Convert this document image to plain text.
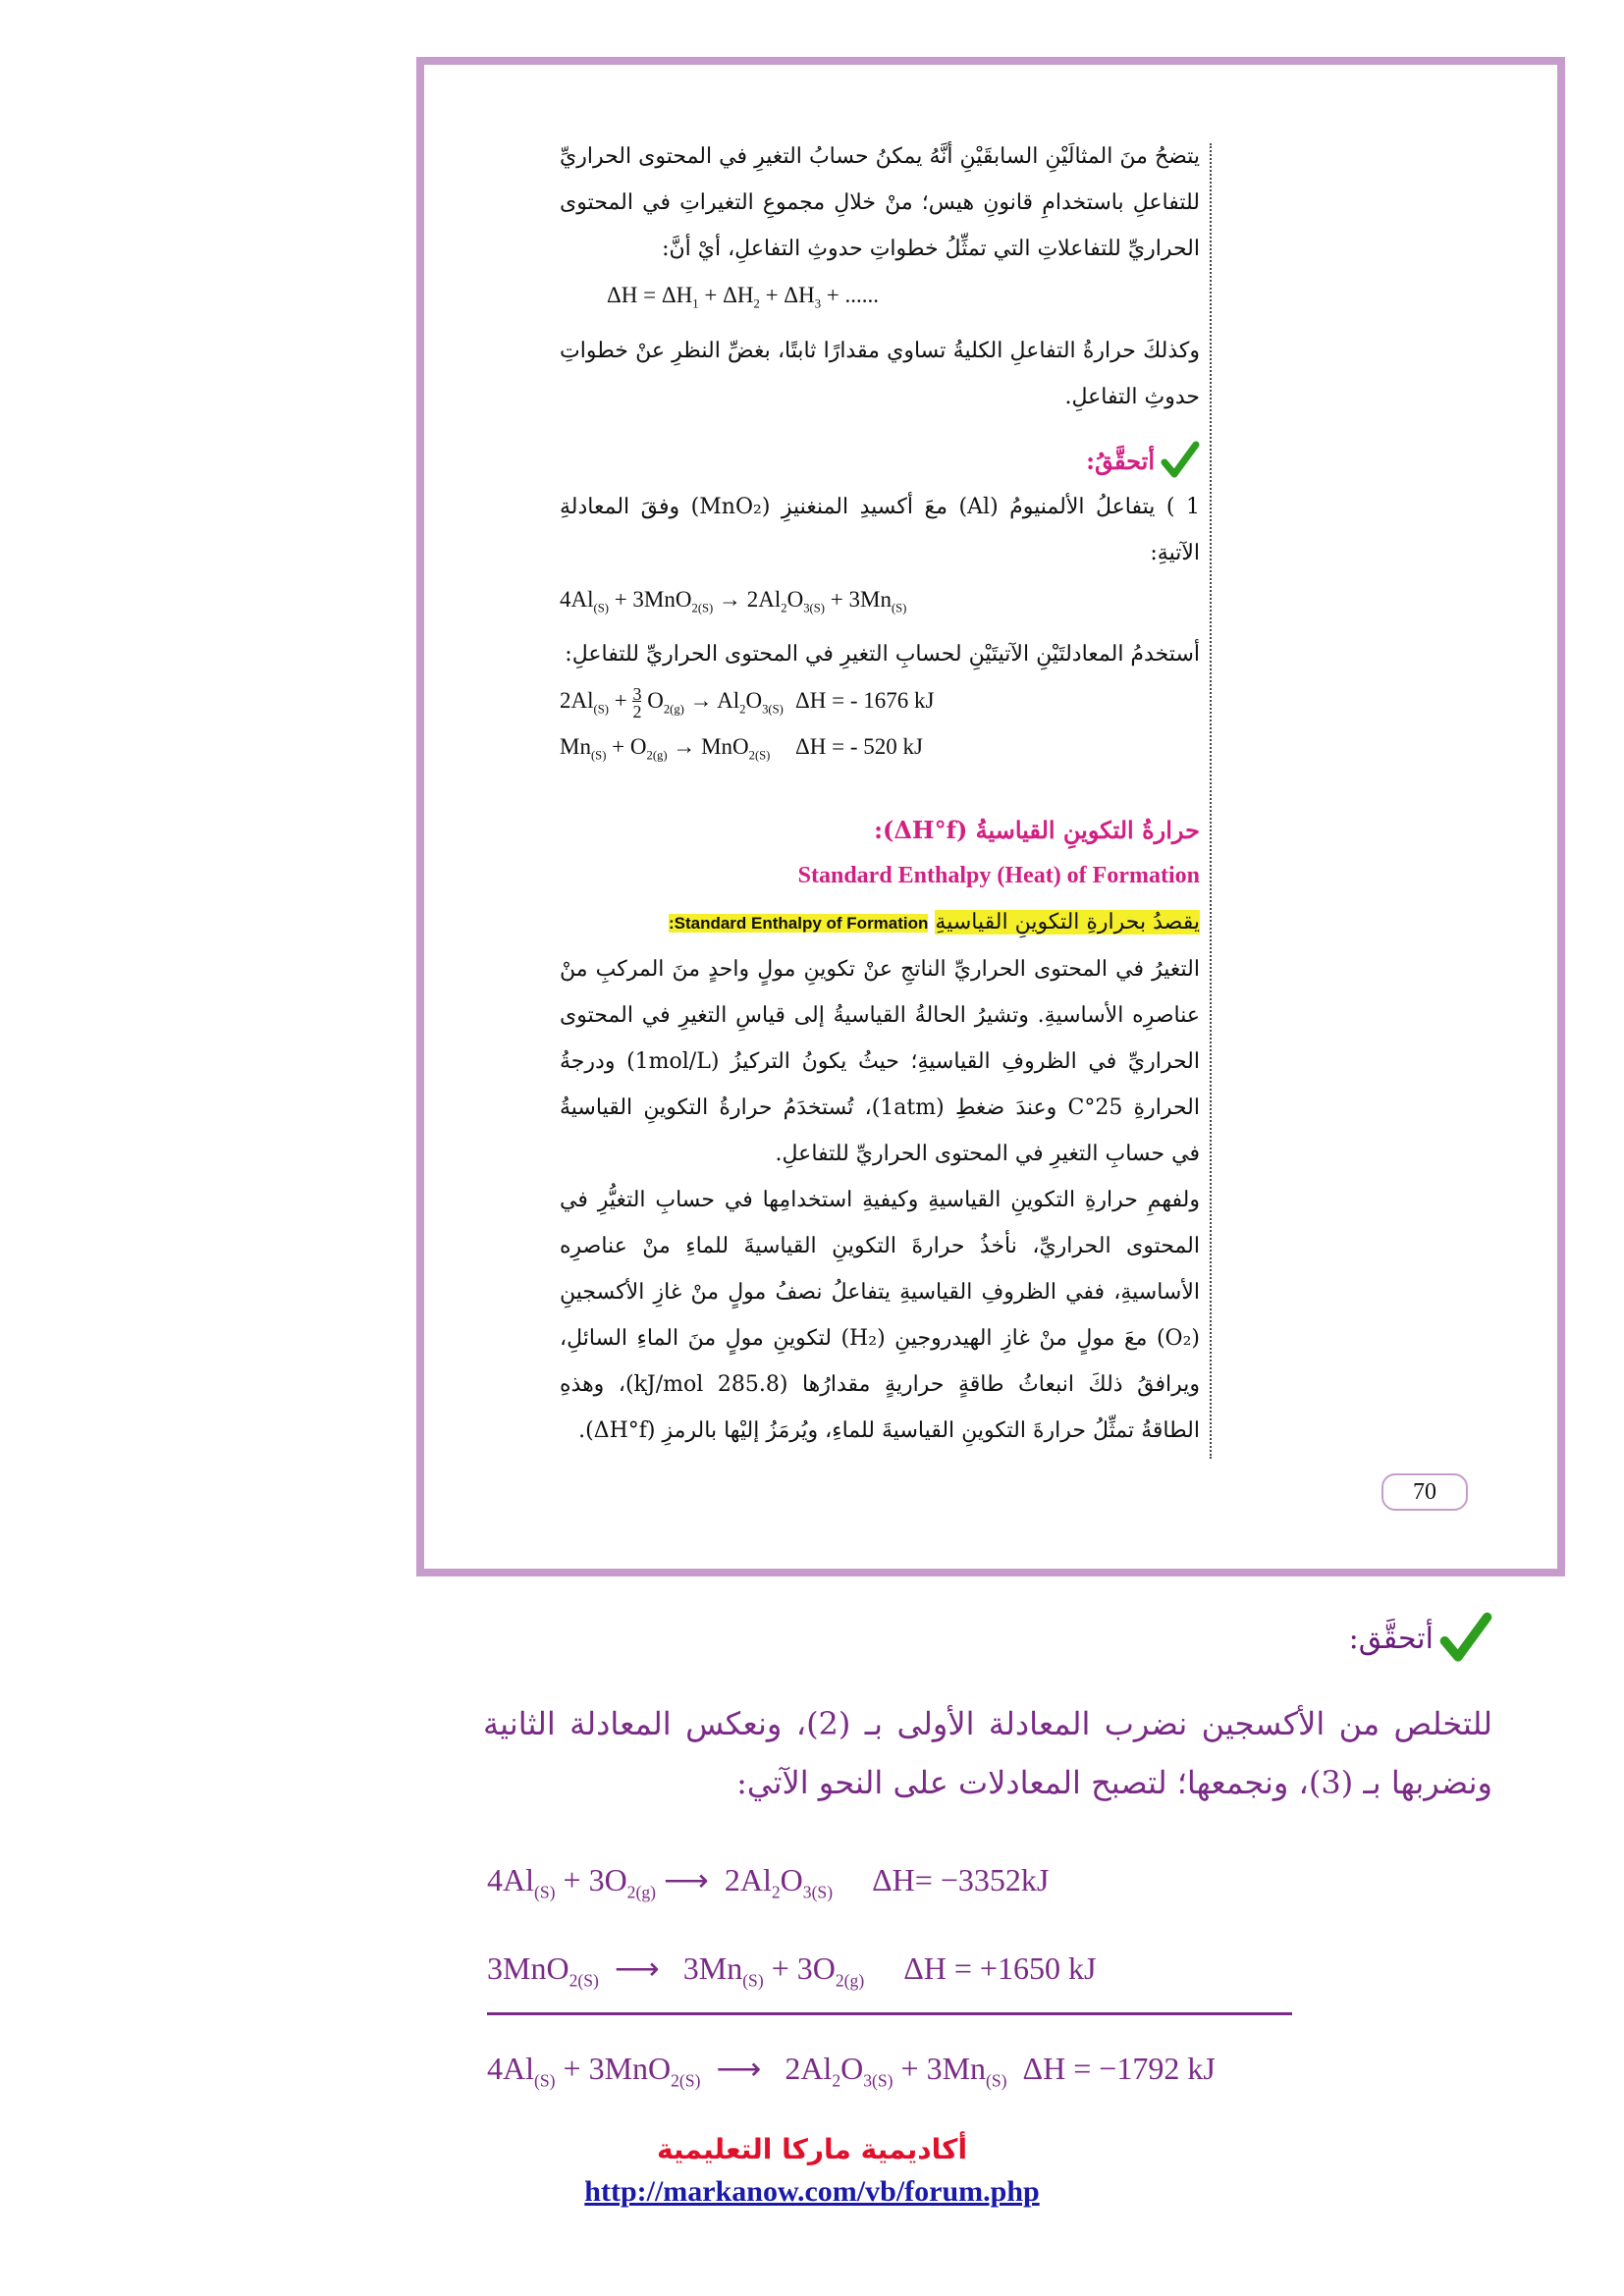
يتضحُ منَ المثالَيْنِ السابقَيْنِ أنَّهُ يمكنُ حسابُ التغيرِ في المحتوى الحراريِّ للتفاعلِ باستخدامِ قانونِ هيس؛ منْ خلالِ مجموعِ التغيراتِ في المحتوى الحراريِّ للتفاعلاتِ التي تمثِّلُ خطواتِ حدوثِ التفاعلِ، أيْ أنَّ:

$\Delta H = \Delta H_1 + \Delta H_2 + \Delta H_3$ + ......

وكذلكَ حرارةُ التفاعلِ الكليةُ تساوي مقدارًا ثابتًا، بغضِّ النظرِ عنْ خطواتِ حدوثِ التفاعلِ.

أتحقَّقُ:

1 ) يتفاعلُ الألمنيومُ (Al) معَ أكسيدِ المنغنيزِ (MnO₂) وفقَ المعادلةِ الآتيةِ:

$4Al_{(S)} + 3MnO_{2(S)} \to 2Al_2O_{3(S)} + 3Mn_{(S)}$

أستخدمُ المعادلتَيْنِ الآتيتَيْنِ لحسابِ التغيرِ في المحتوى الحراريِّ للتفاعلِ:

$2Al_{(S)} + 3$
2 $O_{2(g)} \to Al_2O_{3(S)}$ ΔH = - 1676 kJ
$Mn_{(S)} + O_{2(g)} \to MnO_{2(S)}$	ΔH = - 520 kJ

حرارةُ التكوينِ القياسيةُ (ΔH°f):

Standard Enthalpy (Heat) of Formation

يقصدُ بحرارةِ التكوينِ القياسيةِ Standard Enthalpy of Formation:

التغيرُ في المحتوى الحراريِّ الناتجِ عنْ تكوينِ مولٍ واحدٍ منَ المركبِ منْ عناصرِه الأساسيةِ. وتشيرُ الحالةُ القياسيةُ إلى قياسِ التغيرِ في المحتوى الحراريِّ في الظروفِ القياسيةِ؛ حيثُ يكونُ التركيزُ (1mol/L) ودرجةُ الحرارةِ 25°C وعندَ ضغطِ (1atm)، تُستخدَمُ حرارةُ التكوينِ القياسيةُ في حسابِ التغيرِ في المحتوى الحراريِّ للتفاعلِ.

ولفهمِ حرارةِ التكوينِ القياسيةِ وكيفيةِ استخدامِها في حسابِ التغيُّرِ في المحتوى الحراريِّ، نأخذُ حرارةَ التكوينِ القياسيةَ للماءِ منْ عناصرِه الأساسيةِ، ففي الظروفِ القياسيةِ يتفاعلُ نصفُ مولٍ منْ غازِ الأكسجينِ (O₂) معَ مولٍ منْ غازِ الهيدروجينِ (H₂) لتكوينِ مولٍ منَ الماءِ السائلِ، ويرافقُ ذلكَ انبعاثُ طاقةٍ حراريةٍ مقدارُها (285.8 kJ/mol)، وهذهِ الطاقةُ تمثِّلُ حرارةَ التكوينِ القياسيةَ للماءِ، ويُرمَزُ إليْها بالرمزِ (ΔH°f).

70
أتحقَّق:
للتخلص من الأكسجين نضرب المعادلة الأولى بـ (2)، ونعكس المعادلة الثانية ونضربها بـ (3)، ونجمعها؛ لتصبح المعادلات على النحو الآتي:
$4Al_{(S)} + 3O_{2(g)}$ ⟶  $2Al_2O_{3(S)}$ ΔH= −3352kJ
3MnO$_{2(S)}$  ⟶   $3Mn_{(S)} + 3O_{2(g)}$ ΔH = +1650 kJ
$4Al_{(S)} + 3MnO_{2(S)}$  ⟶   $2Al_2O_{3(S)} + 3Mn_{(S)}$ ΔH = −1792 kJ
أكاديمية ماركا التعليمية
http://markanow.com/vb/forum.php
